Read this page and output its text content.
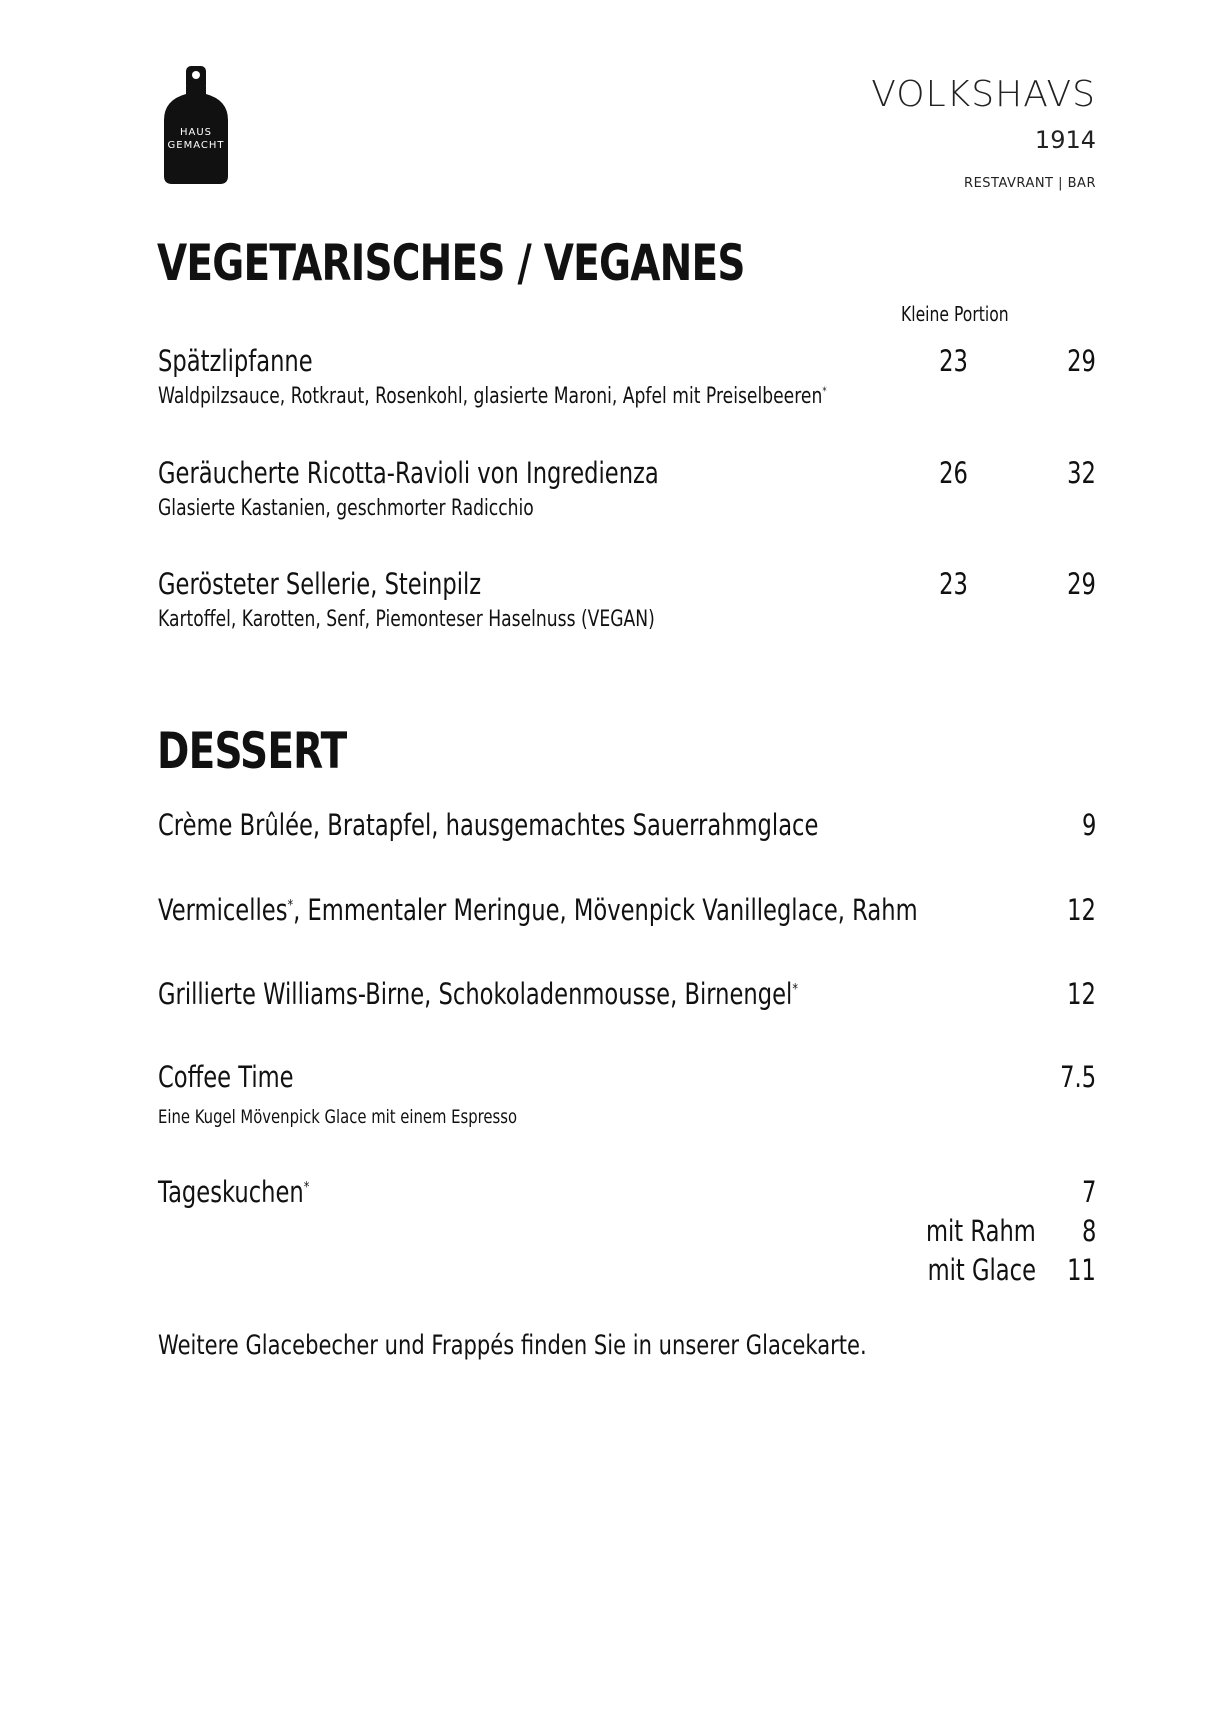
HAUS GEMACHT
VOLKSHAVS
1914
RESTAVRANT | BAR
VEGETARISCHES / VEGANES
Kleine Portion
Spätzlipfanne	23	29
Waldpilzsauce, Rotkraut, Rosenkohl, glasierte Maroni, Apfel mit Preiselbeeren*
Geräucherte Ricotta-Ravioli von Ingredienza	26	32
Glasierte Kastanien, geschmorter Radicchio
Gerösteter Sellerie, Steinpilz	23	29
Kartoffel, Karotten, Senf, Piemonteser Haselnuss (VEGAN)
DESSERT
Crème Brûlée, Bratapfel, hausgemachtes Sauerrahmglace	9
Vermicelles*, Emmentaler Meringue, Mövenpick Vanilleglace, Rahm	12
Grillierte Williams-Birne, Schokoladenmousse, Birnengel*	12
Coffee Time	7.5
Eine Kugel Mövenpick Glace mit einem Espresso
Tageskuchen*	7
mit Rahm 8
mit Glace 11
Weitere Glacebecher und Frappés finden Sie in unserer Glacekarte.
